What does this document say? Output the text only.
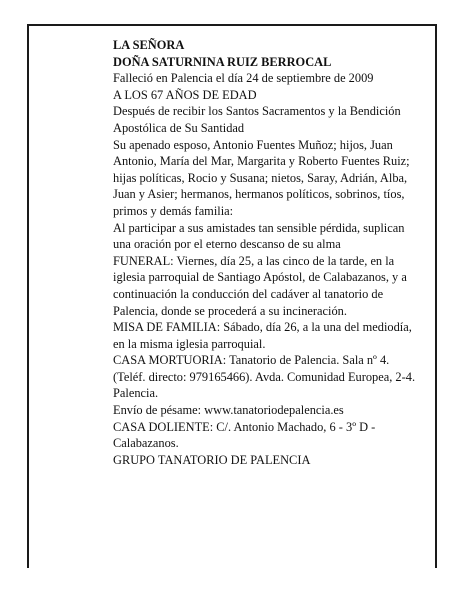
LA SEÑORA

DOÑA SATURNINA RUIZ BERROCAL

Falleció en Palencia el día 24 de septiembre de 2009

A LOS 67 AÑOS DE EDAD

Después de recibir los Santos Sacramentos y la Bendición Apostólica de Su Santidad

Su apenado esposo, Antonio Fuentes Muñoz; hijos, Juan Antonio, María del Mar, Margarita y Roberto Fuentes Ruiz; hijas políticas, Rocio y Susana; nietos, Saray, Adrián, Alba, Juan y Asier; hermanos, hermanos políticos, sobrinos, tíos, primos y demás familia:

Al participar a sus amistades tan sensible pérdida, suplican una oración por el eterno descanso de su alma

FUNERAL: Viernes, día 25, a las cinco de la tarde, en la iglesia parroquial de Santiago Apóstol, de Calabazanos, y a continuación la conducción del cadáver al tanatorio de Palencia, donde se procederá a su incineración.

MISA DE FAMILIA: Sábado, día 26, a la una del mediodía, en la misma iglesia parroquial.

CASA MORTUORIA: Tanatorio de Palencia. Sala nº 4. (Teléf. directo: 979165466). Avda. Comunidad Europea, 2-4. Palencia.

Envío de pésame: www.tanatoriodepalencia.es

CASA DOLIENTE: C/. Antonio Machado, 6 - 3º D - Calabazanos.

GRUPO TANATORIO DE PALENCIA
